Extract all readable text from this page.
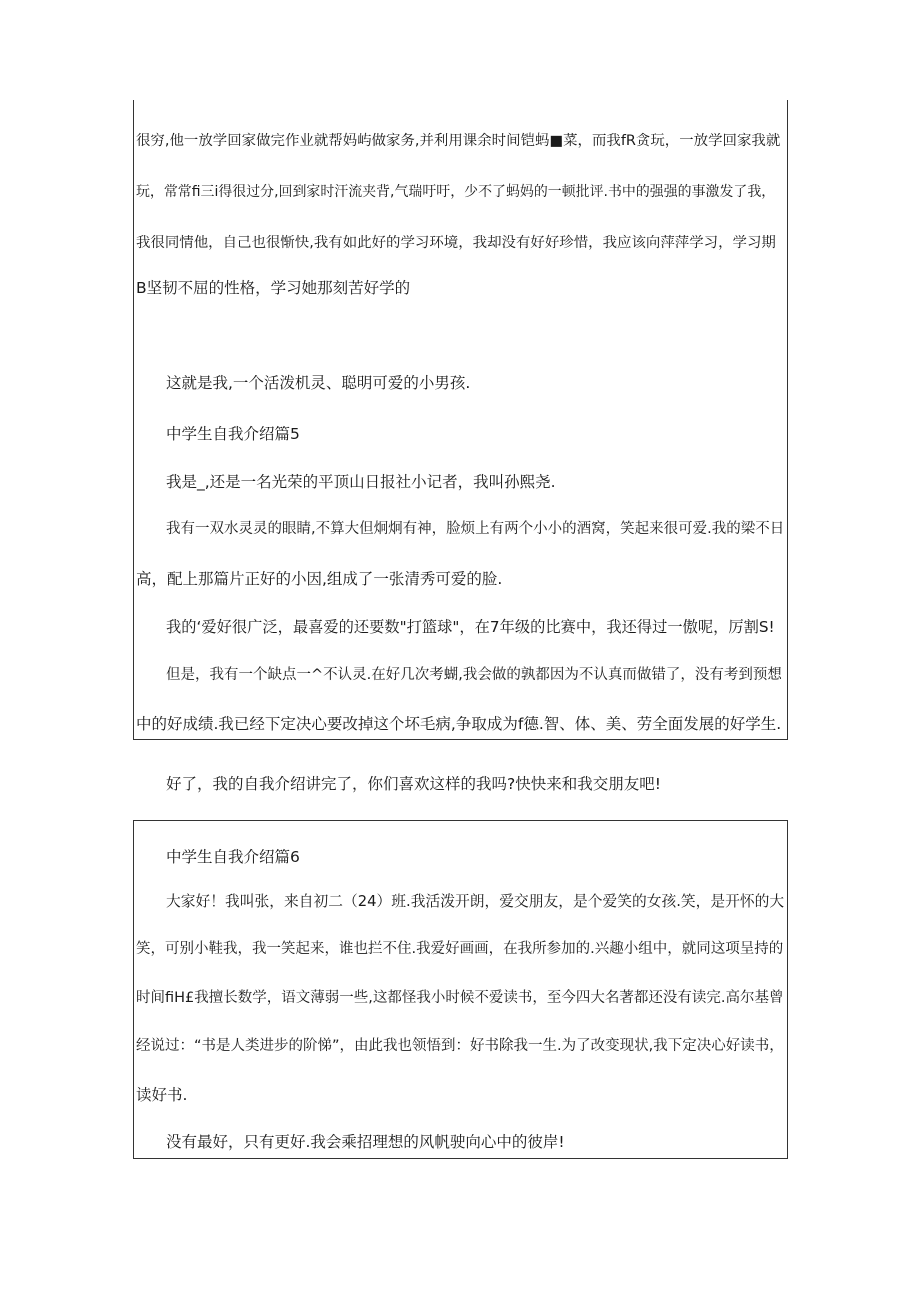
很穷,他一放学回家做完作业就帮妈屿做家务,并利用课余时间铠蚂■菜，而我fR贪玩，一放学回家我就
玩，常常fi三i得很过分,回到家时汗流夹背,气瑞吁吁，少不了蚂妈的一顿批评.书中的强强的事激发了我，
我很同情他，自己也很惭快,我有如此好的学习环境，我却没有好好珍惜，我应该向萍萍学习，学习期
B坚韧不屈的性格，学习她那刻苦好学的
这就是我,一个活泼机灵、聪明可爱的小男孩.
中学生自我介绍篇5
我是_,还是一名光荣的平顶山日报社小记者，我叫孙熙尧.
我有一双水灵灵的眼睛,不算大但炯炯有神，脸烦上有两个小小的酒窝，笑起来很可爱.我的梁不日
高，配上那篇片正好的小因,组成了一张清秀可爱的脸.
我的‘爱好很广泛，最喜爱的还要数"打篮球"，在7年级的比赛中，我还得过一傲呢，厉割S!
但是，我有一个缺点一^不认灵.在好几次考蝴,我会做的孰都因为不认真而做错了，没有考到预想
中的好成绩.我已经下定决心要改掉这个坏毛病,争取成为f德.智、体、美、劳全面发展的好学生.
好了，我的自我介绍讲完了，你们喜欢这样的我吗?快快来和我交朋友吧!
中学生自我介绍篇6
大家好！我叫张，来自初二（24）班.我活泼开朗，爱交朋友，是个爱笑的女孩.笑，是开怀的大
笑，可别小鞋我，我一笑起来，谁也拦不住.我爱好画画，在我所参加的.兴趣小组中，就同这项呈持的
时间fiH£我擅长数学，语文薄弱一些,这都怪我小时候不爱读书，至今四大名著都还没有读完.高尔基曾
经说过：“书是人类进步的阶悌”，由此我也领悟到：好书除我一生.为了改变现状,我下定决心好读书，
读好书.
没有最好，只有更好.我会乘招理想的风帆驶向心中的彼岸!
